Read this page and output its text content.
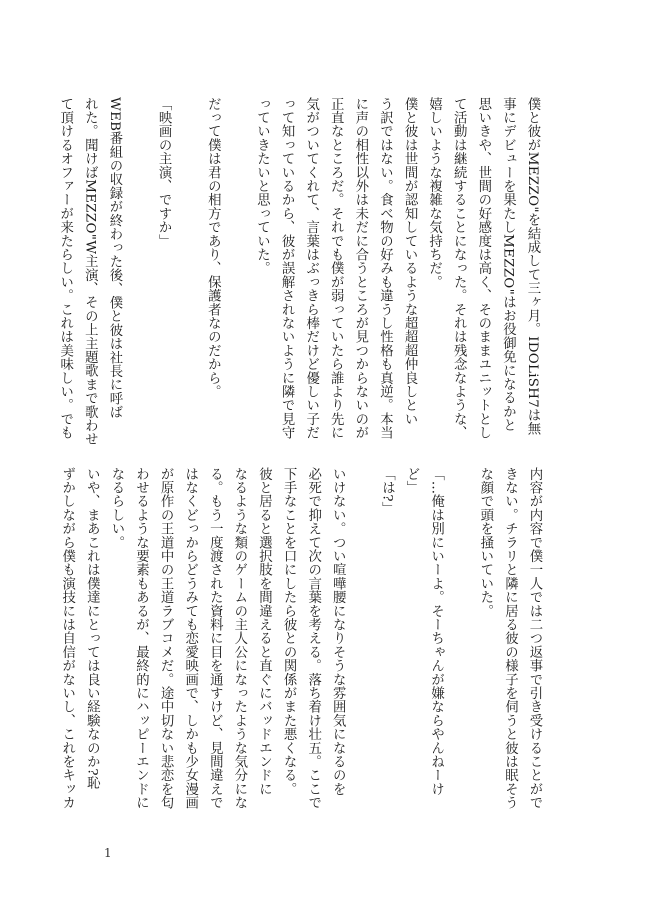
僕と彼がMEZZO"を結成して三ヶ月。IDOLiSH7は無
事にデビューを果たしMEZZO"はお役御免になるかと
思いきや、世間の好感度は高く、そのままユニットとし
て活動は継続することになった。それは残念なような、
嬉しいような複雑な気持ちだ。
僕と彼は世間が認知しているような超超超仲良しとい
う訳ではない。食べ物の好みも違うし性格も真逆。本当
に声の相性以外は未だに合うところが見つからないのが
正直なところだ。それでも僕が弱っていたら誰より先に
気がついてくれて、言葉はぶっきら棒だけど優しい子だ
って知っているから、彼が誤解されないように隣で見守
っていきたいと思っていた。

だって僕は君の相方であり、保護者なのだから。

「映画の主演、ですか」

WEB番組の収録が終わった後、僕と彼は社長に呼ば
れた。聞けばMEZZO"W主演、その上主題歌まで歌わせ
て頂けるオファーが来たらしい。これは美味しい。でも
内容が内容で僕一人では二つ返事で引き受けることがで
きない。チラリと隣に居る彼の様子を伺うと彼は眠そう
な顔で頭を掻いていた。

「…俺は別にいーよ。そーちゃんが嫌ならやんねーけ
ど」
「は?」

いけない。つい喧嘩腰になりそうな雰囲気になるのを
必死で抑えて次の言葉を考える。落ち着け壮五。ここで
下手なことを口にしたら彼との関係がまた悪くなる。
彼と居ると選択肢を間違えると直ぐにバッドエンドに
なるような類のゲームの主人公になったような気分にな
る。もう一度渡された資料に目を通すけど、見間違えで
はなくどっからどうみても恋愛映画で、しかも少女漫画
が原作の王道中の王道ラブコメだ。途中切ない悲恋を匂
わせるような要素もあるが、最終的にハッピーエンドに
なるらしい。
いや、まあこれは僕達にとっては良い経験なのか?恥
ずかしながら僕も演技には自信がないし、これをキッカ
1
